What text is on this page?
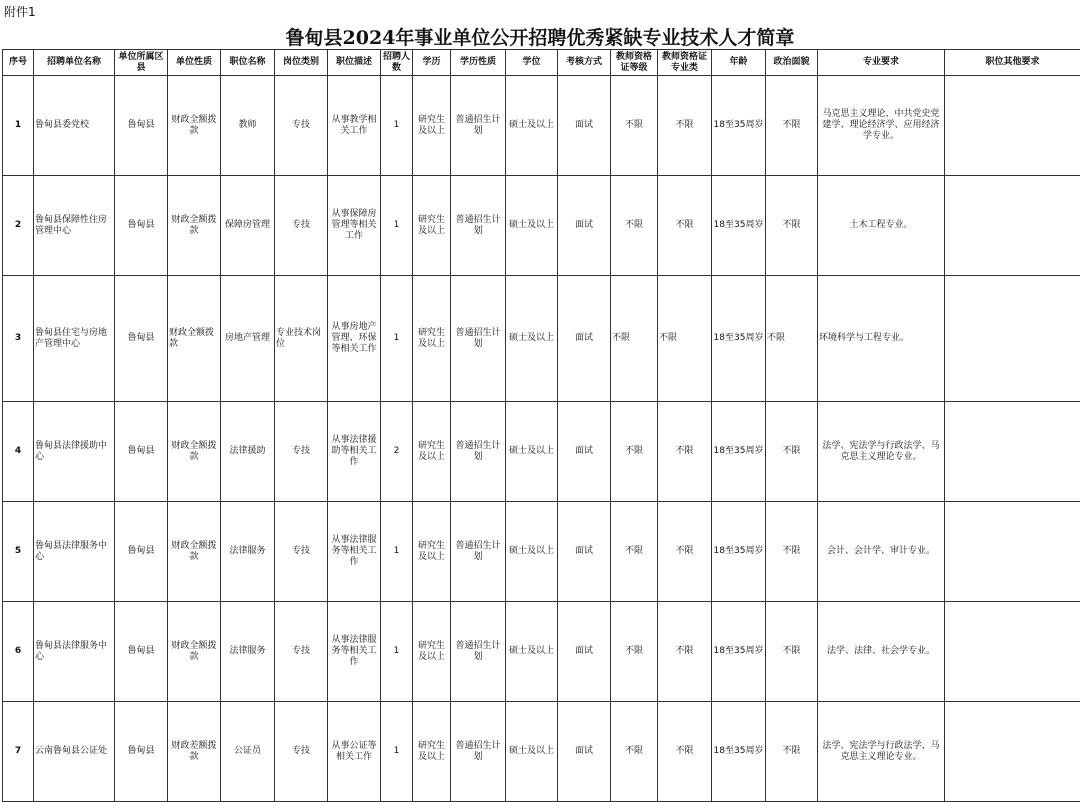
附件1
鲁甸县2024年事业单位公开招聘优秀紧缺专业技术人才简章
序号	招聘单位名称	单位所属区县	单位性质	职位名称	岗位类别	职位描述	招聘人数	学历	学历性质	学位	考核方式	教师资格证等级	教师资格证专业类	年龄	政治面貌	专业要求	职位其他要求
1	鲁甸县委党校	鲁甸县	财政全额拨款	教师	专技	从事教学相关工作	1	研究生及以上	普通招生计划	硕士及以上	面试	不限	不限	18至35周岁	不限	马克思主义理论、中共党史党建学、理论经济学、应用经济学专业。	
2	鲁甸县保障性住房管理中心	鲁甸县	财政全额拨款	保障房管理	专技	从事保障房管理等相关工作	1	研究生及以上	普通招生计划	硕士及以上	面试	不限	不限	18至35周岁	不限	土木工程专业。	
3	鲁甸县住宅与房地产管理中心	鲁甸县	财政全额拨款	房地产管理	专业技术岗位	从事房地产管理、环保等相关工作	1	研究生及以上	普通招生计划	硕士及以上	面试	不限	不限	18至35周岁	不限	环境科学与工程专业。	
4	鲁甸县法律援助中心	鲁甸县	财政全额拨款	法律援助	专技	从事法律援助等相关工作	2	研究生及以上	普通招生计划	硕士及以上	面试	不限	不限	18至35周岁	不限	法学、宪法学与行政法学、马克思主义理论专业。	
5	鲁甸县法律服务中心	鲁甸县	财政全额拨款	法律服务	专技	从事法律服务等相关工作	1	研究生及以上	普通招生计划	硕士及以上	面试	不限	不限	18至35周岁	不限	会计、会计学、审计专业。	
6	鲁甸县法律服务中心	鲁甸县	财政全额拨款	法律服务	专技	从事法律服务等相关工作	1	研究生及以上	普通招生计划	硕士及以上	面试	不限	不限	18至35周岁	不限	法学、法律、社会学专业。	
7	云南鲁甸县公证处	鲁甸县	财政差额拨款	公证员	专技	从事公证等相关工作	1	研究生及以上	普通招生计划	硕士及以上	面试	不限	不限	18至35周岁	不限	法学、宪法学与行政法学、马克思主义理论专业。	
